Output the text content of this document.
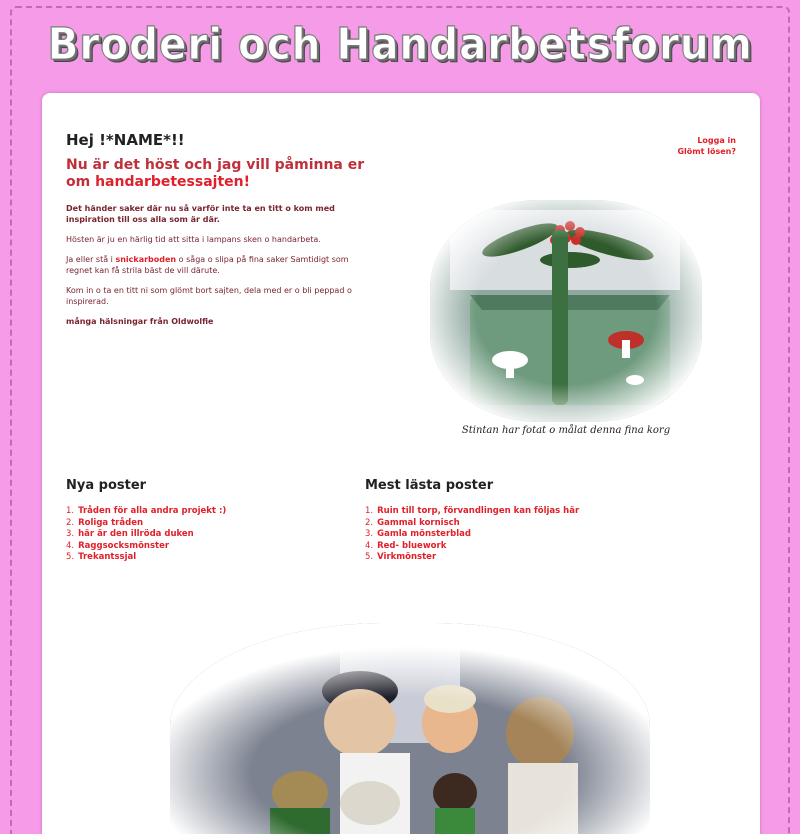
Broderi och Handarbetsforum
Hej !*NAME*!!
Nu är det höst och jag vill påminna er om handarbetessajten!
Logga in
Glömt lösen?

Det händer saker där nu så varför inte ta en titt o kom med inspiration till oss alla som är där.

Hösten är ju en härlig tid att sitta i lampans sken o handarbeta.

Ja eller stå i snickarboden o såga o slipa på fina saker Samtidigt som regnet kan få strila bäst de vill därute.

Kom in o ta en titt ni som glömt bort sajten, dela med er o bli peppad o inspirerad.

många hälsningar från Oldwolfie

Stintan har fotat o målat denna fina korg
Nya poster
1. Tråden för alla andra projekt :)
2. Roliga tråden
3. här är den illröda duken
4. Raggsocksmönster
5. Trekantssjal
Mest lästa poster
1. Ruin till torp, förvandlingen kan följas här
2. Gammal kornisch
3. Gamla mönsterblad
4. Red- bluework
5. Virkmönster
